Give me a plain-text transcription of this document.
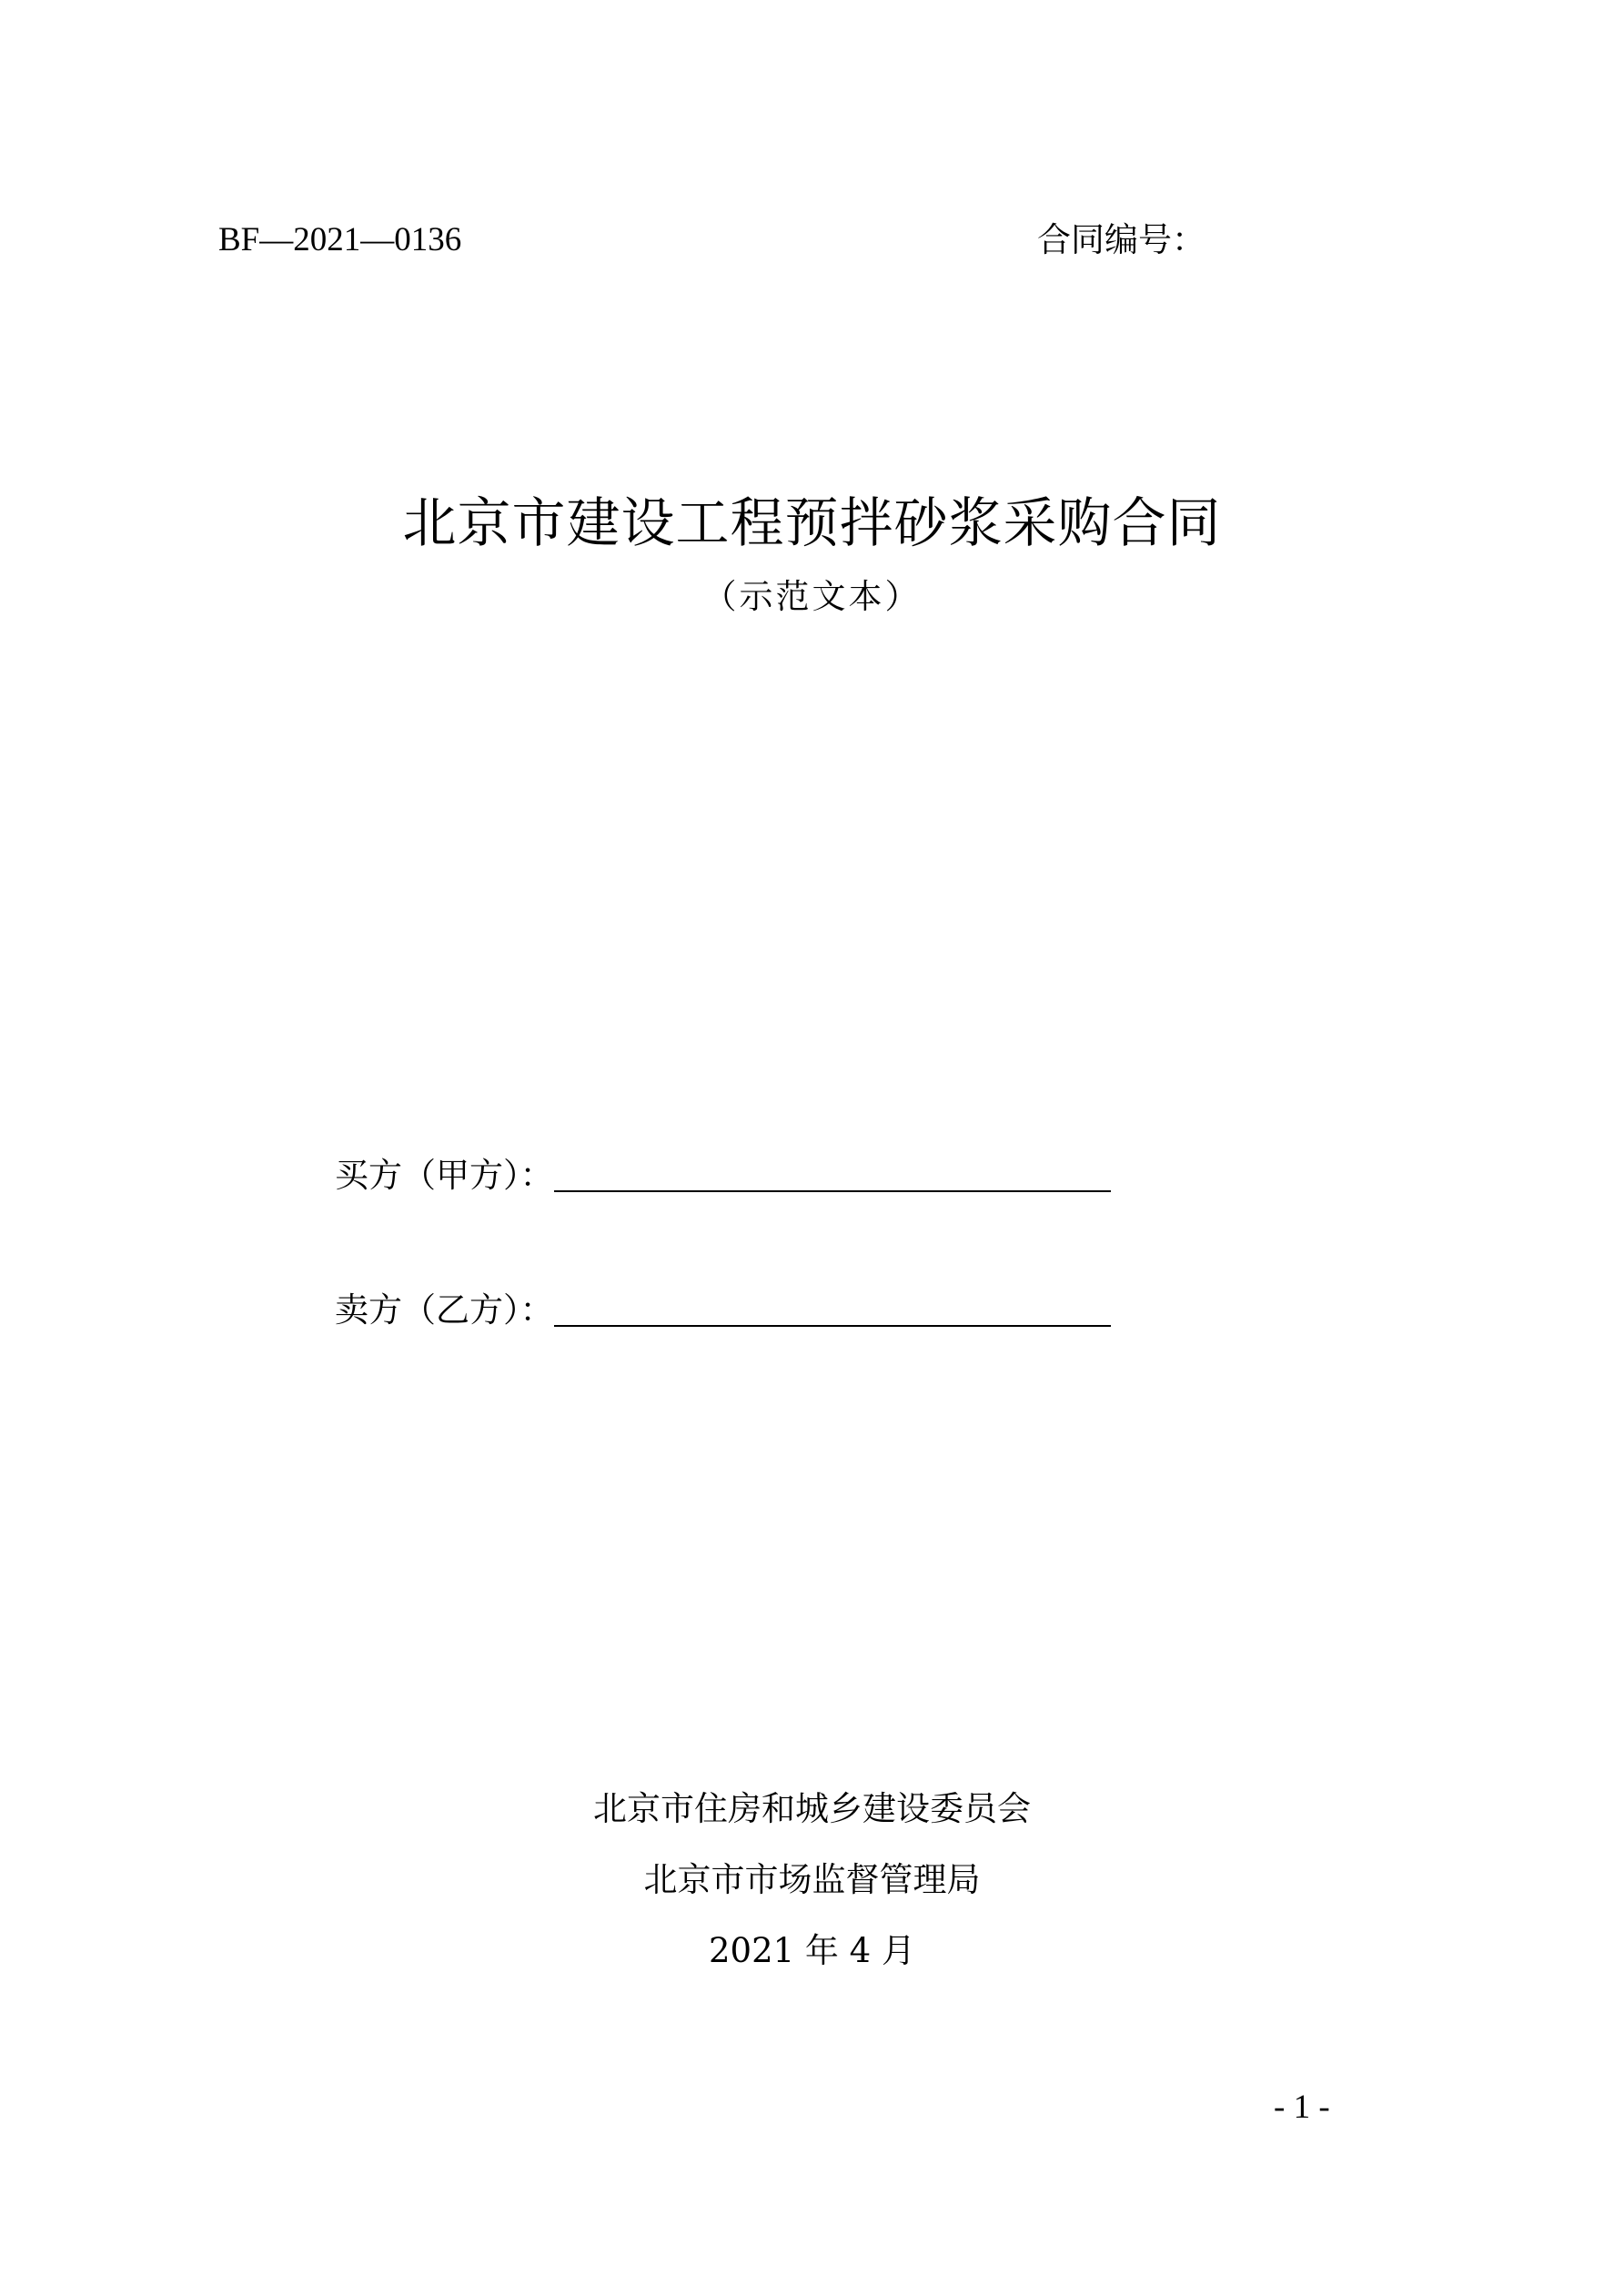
BF—2021—0136	合同编号：
北京市建设工程预拌砂浆采购合同
（示范文本）
买方（甲方）：
卖方（乙方）：
北京市住房和城乡建设委员会
北京市市场监督管理局
2021 年 4 月
- 1 -
